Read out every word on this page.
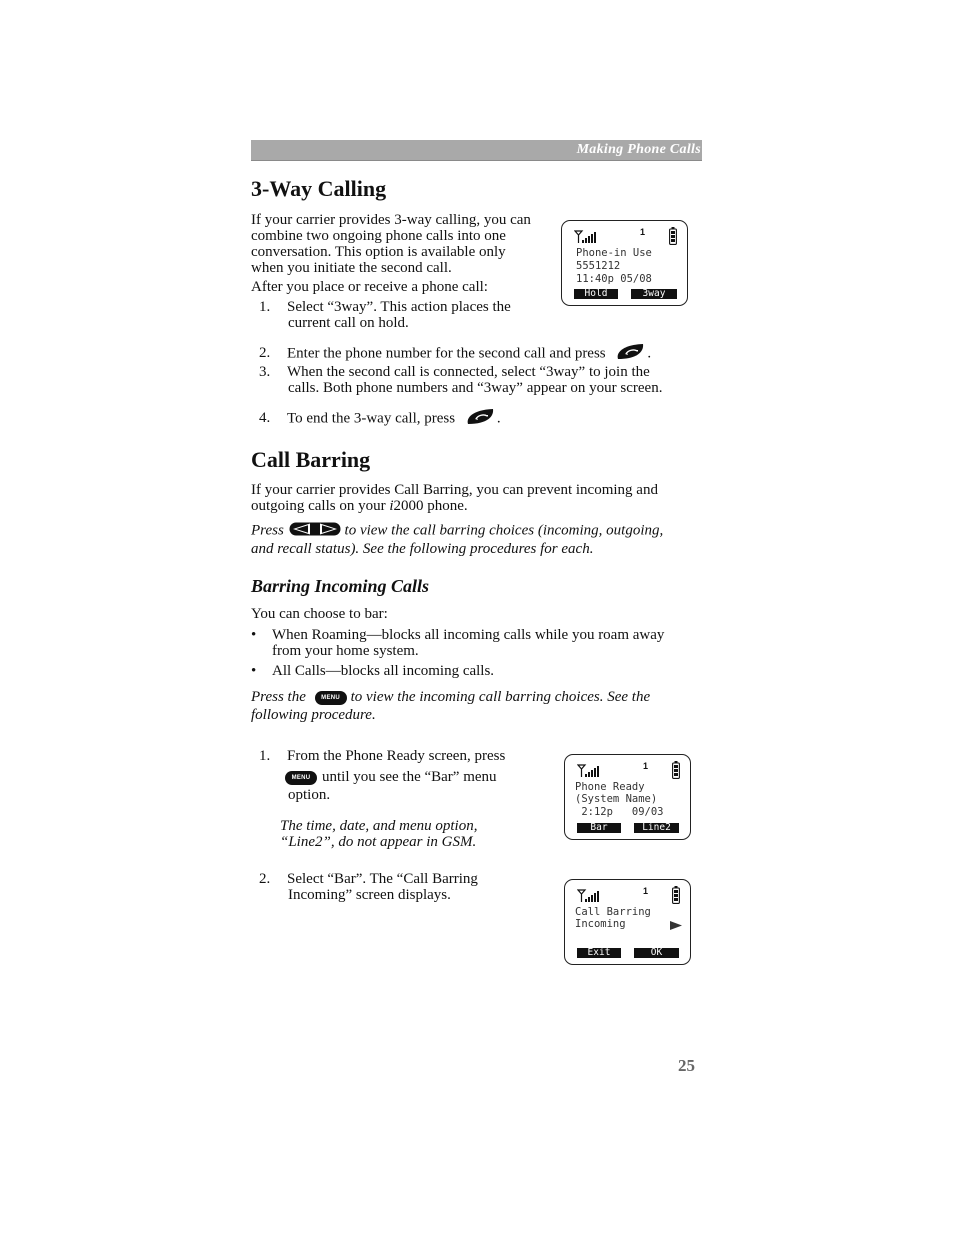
Making Phone Calls
3-Way Calling
If your carrier provides 3-way calling, you can
combine two ongoing phone calls into one
conversation. This option is available only
when you initiate the second call.
After you place or receive a phone call:
1. Select “3way”. This action places the
current call on hold.
1
Phone-in Use
5551212
11:40p 05/08
Hold	3way
2. Enter the phone number for the second call and press	.
3. When the second call is connected, select “3way” to join the
calls. Both phone numbers and “3way” appear on your screen.
4. To end the 3-way call, press	.
Call Barring
If your carrier provides Call Barring, you can prevent incoming and
outgoing calls on your i2000 phone.
Press	to view the call barring choices (incoming, outgoing,
and recall status). See the following procedures for each.
Barring Incoming Calls
You can choose to bar:
• When Roaming—blocks all incoming calls while you roam away
from your home system.
• All Calls—blocks all incoming calls.
Press the	MENU to view the incoming call barring choices. See the
following procedure.
1. From the Phone Ready screen, press
MENU until you see the “Bar” menu
option.
The time, date, and menu option,
“Line2”, do not appear in GSM.
1
Phone Ready
(System Name)
2:12p   09/03
Bar	Line2
2. Select “Bar”. The “Call Barring
Incoming” screen displays.	1
Call Barring
Incoming
Exit	OK
25
